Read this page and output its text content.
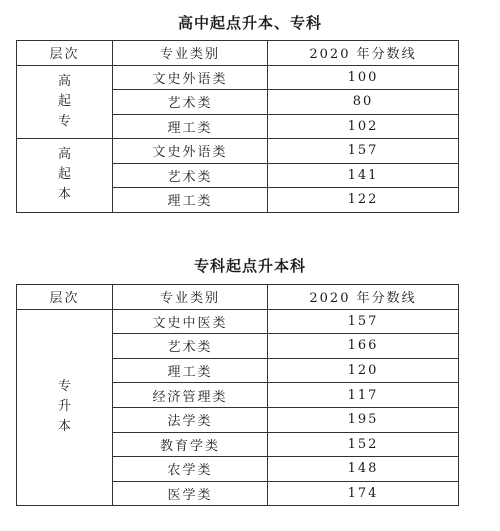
高中起点升本、专科
层次	专业类别	2020 年分数线

高
起
专	文史外语类	100
	艺术类	80
	理工类	102

高
起
本	文史外语类	157
	艺术类	141
	理工类	122
专科起点升本科
层次	专业类别	2020 年分数线

专
升
本	文史中医类	157
	艺术类	166
	理工类	120
	经济管理类	117
	法学类	195
	教育学类	152
	农学类	148
	医学类	174
